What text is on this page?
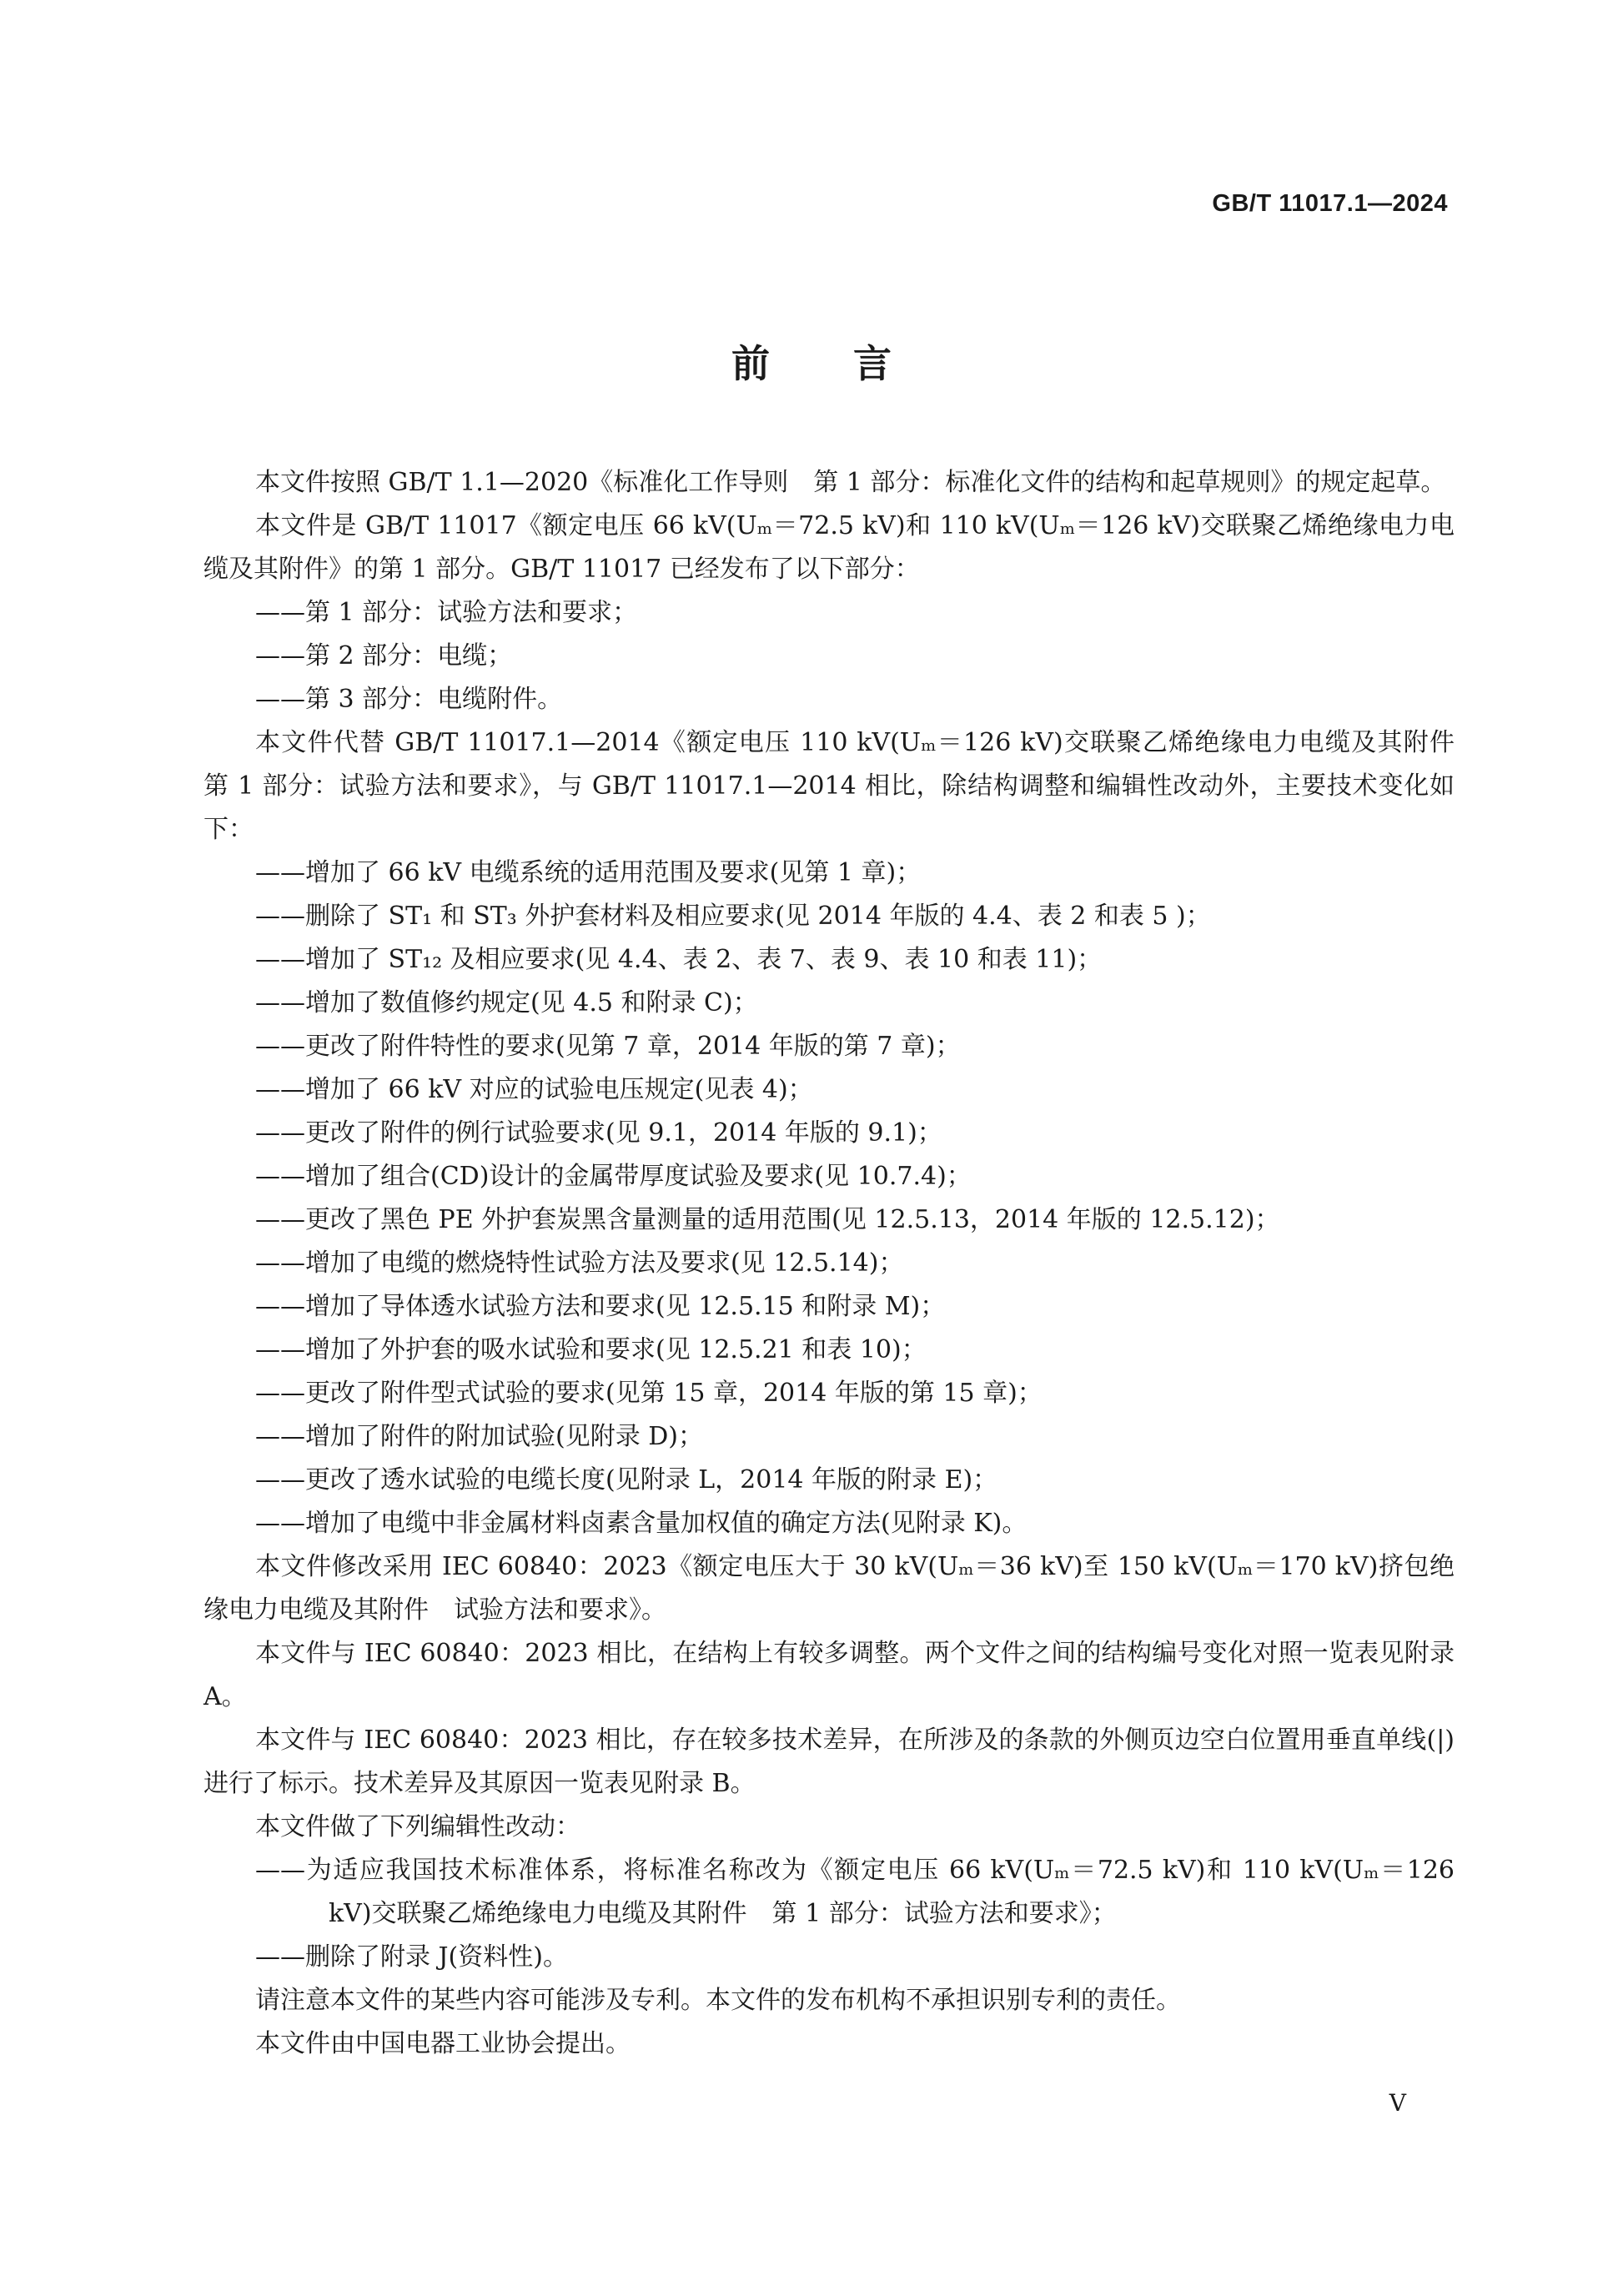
GB/T 11017.1—2024
前言

本文件按照 GB/T 1.1—2020《标准化工作导则　第 1 部分：标准化文件的结构和起草规则》的规定起草。

本文件是 GB/T 11017《额定电压 66 kV(Uₘ＝72.5 kV)和 110 kV(Uₘ＝126 kV)交联聚乙烯绝缘电力电缆及其附件》的第 1 部分。GB/T 11017 已经发布了以下部分：

——第 1 部分：试验方法和要求；

——第 2 部分：电缆；

——第 3 部分：电缆附件。

本文件代替 GB/T 11017.1—2014《额定电压 110 kV(Uₘ＝126 kV)交联聚乙烯绝缘电力电缆及其附件　第 1 部分：试验方法和要求》，与 GB/T 11017.1—2014 相比，除结构调整和编辑性改动外，主要技术变化如下：

——增加了 66 kV 电缆系统的适用范围及要求(见第 1 章)；

——删除了 ST₁ 和 ST₃ 外护套材料及相应要求(见 2014 年版的 4.4、表 2 和表 5 )；

——增加了 ST₁₂ 及相应要求(见 4.4、表 2、表 7、表 9、表 10 和表 11)；

——增加了数值修约规定(见 4.5 和附录 C)；

——更改了附件特性的要求(见第 7 章，2014 年版的第 7 章)；

——增加了 66 kV 对应的试验电压规定(见表 4)；

——更改了附件的例行试验要求(见 9.1，2014 年版的 9.1)；

——增加了组合(CD)设计的金属带厚度试验及要求(见 10.7.4)；

——更改了黑色 PE 外护套炭黑含量测量的适用范围(见 12.5.13，2014 年版的 12.5.12)；

——增加了电缆的燃烧特性试验方法及要求(见 12.5.14)；

——增加了导体透水试验方法和要求(见 12.5.15 和附录 M)；

——增加了外护套的吸水试验和要求(见 12.5.21 和表 10)；

——更改了附件型式试验的要求(见第 15 章，2014 年版的第 15 章)；

——增加了附件的附加试验(见附录 D)；

——更改了透水试验的电缆长度(见附录 L，2014 年版的附录 E)；

——增加了电缆中非金属材料卤素含量加权值的确定方法(见附录 K)。

本文件修改采用 IEC 60840：2023《额定电压大于 30 kV(Uₘ＝36 kV)至 150 kV(Uₘ＝170 kV)挤包绝缘电力电缆及其附件　试验方法和要求》。

本文件与 IEC 60840：2023 相比，在结构上有较多调整。两个文件之间的结构编号变化对照一览表见附录 A。

本文件与 IEC 60840：2023 相比，存在较多技术差异，在所涉及的条款的外侧页边空白位置用垂直单线(|)进行了标示。技术差异及其原因一览表见附录 B。

本文件做了下列编辑性改动：

——为适应我国技术标准体系，将标准名称改为《额定电压 66 kV(Uₘ＝72.5 kV)和 110 kV(Uₘ＝126 kV)交联聚乙烯绝缘电力电缆及其附件　第 1 部分：试验方法和要求》；

——删除了附录 J(资料性)。

请注意本文件的某些内容可能涉及专利。本文件的发布机构不承担识别专利的责任。

本文件由中国电器工业协会提出。

V
